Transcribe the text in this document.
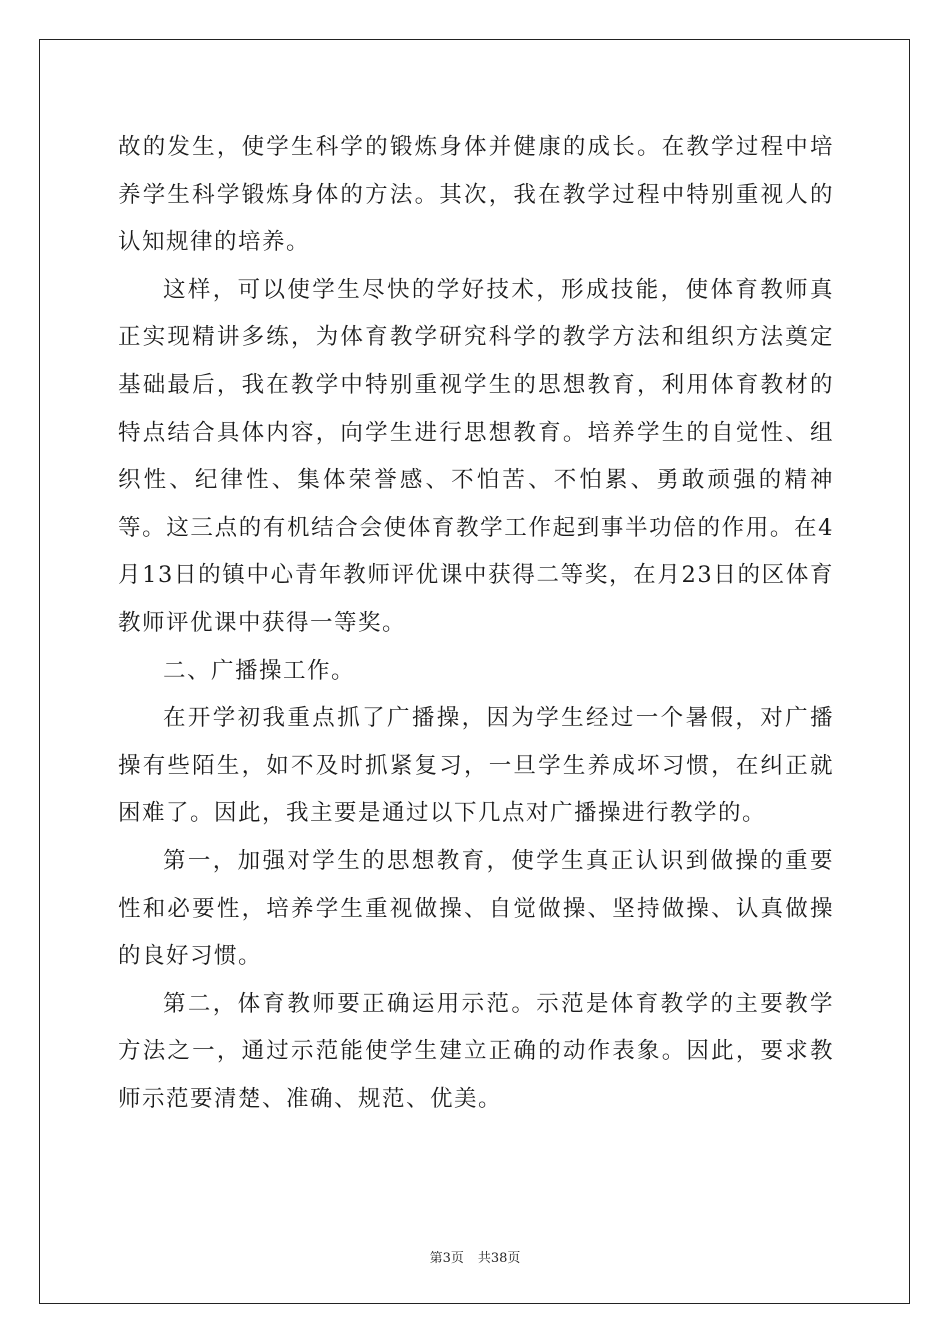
故的发生，使学生科学的锻炼身体并健康的成长。在教学过程中培养学生科学锻炼身体的方法。其次，我在教学过程中特别重视人的认知规律的培养。

这样，可以使学生尽快的学好技术，形成技能，使体育教师真正实现精讲多练，为体育教学研究科学的教学方法和组织方法奠定基础最后，我在教学中特别重视学生的思想教育，利用体育教材的特点结合具体内容，向学生进行思想教育。培养学生的自觉性、组织性、纪律性、集体荣誉感、不怕苦、不怕累、勇敢顽强的精神等。这三点的有机结合会使体育教学工作起到事半功倍的作用。在4月13日的镇中心青年教师评优课中获得二等奖，在月23日的区体育教师评优课中获得一等奖。

二、广播操工作。

在开学初我重点抓了广播操，因为学生经过一个暑假，对广播操有些陌生，如不及时抓紧复习，一旦学生养成坏习惯，在纠正就困难了。因此，我主要是通过以下几点对广播操进行教学的。

第一，加强对学生的思想教育，使学生真正认识到做操的重要性和必要性，培养学生重视做操、自觉做操、坚持做操、认真做操的良好习惯。

第二，体育教师要正确运用示范。示范是体育教学的主要教学方法之一，通过示范能使学生建立正确的动作表象。因此，要求教师示范要清楚、准确、规范、优美。

第3页 共38页
